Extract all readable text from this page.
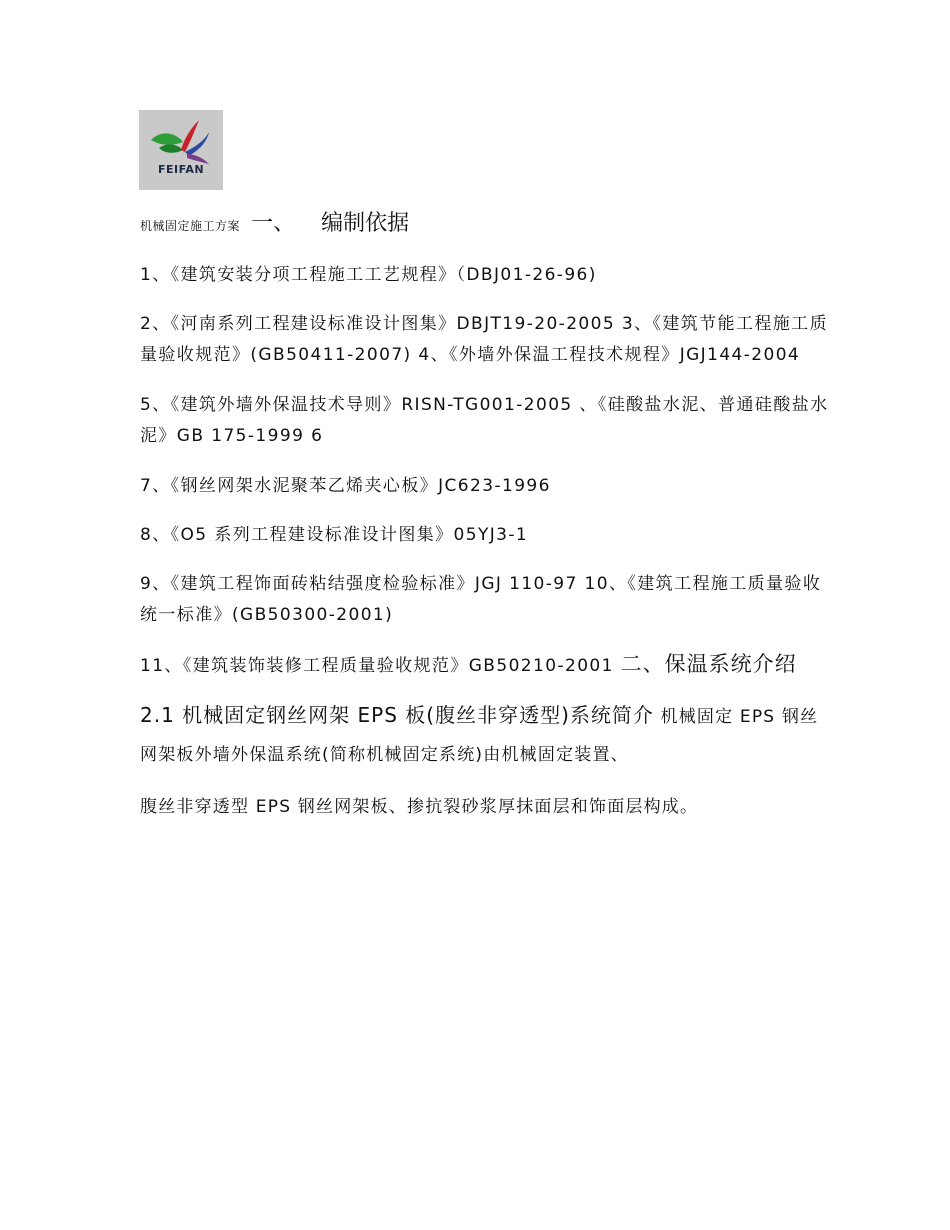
FEIFAN

机械固定施工方案 一、 编制依据

1、《建筑安装分项工程施工工艺规程》（DBJ01-26-96)

2、《河南系列工程建设标准设计图集》DBJT19-20-2005 3、《建筑节能工程施工质量验收规范》(GB50411-2007) 4、《外墙外保温工程技术规程》JGJ144-2004

5、《建筑外墙外保温技术导则》RISN-TG001-2005 、《硅酸盐水泥、普通硅酸盐水泥》GB 175-1999 6

7、《钢丝网架水泥聚苯乙烯夹心板》JC623-1996

8、《O5 系列工程建设标准设计图集》05YJ3-1

9、《建筑工程饰面砖粘结强度检验标准》JGJ 110-97 10、《建筑工程施工质量验收统一标准》(GB50300-2001)

11、《建筑装饰装修工程质量验收规范》GB50210-2001 二、保温系统介绍

2.1 机械固定钢丝网架 EPS 板(腹丝非穿透型)系统简介 机械固定 EPS 钢丝网架板外墙外保温系统(简称机械固定系统)由机械固定装置、

腹丝非穿透型 EPS 钢丝网架板、掺抗裂砂浆厚抹面层和饰面层构成。
